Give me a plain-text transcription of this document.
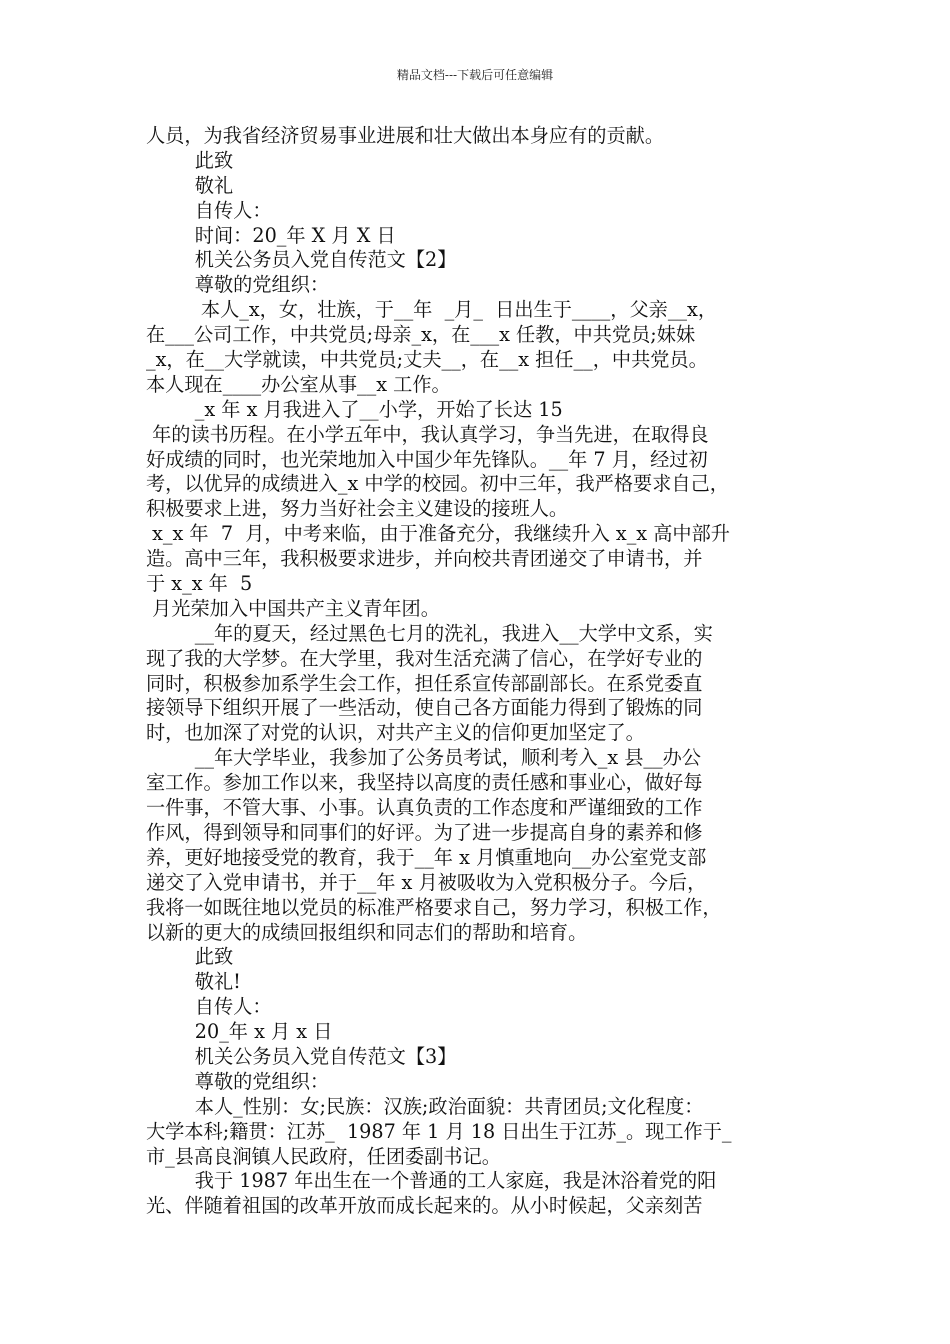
精品文档---下载后可任意编辑
人员，为我省经济贸易事业进展和壮大做出本身应有的贡献。
此致
敬礼
自传人：
时间：20_年 X 月 X 日
机关公务员入党自传范文【2】
尊敬的党组织：
本人_x，女，壮族，于__年  _月_  日出生于____，父亲__x，
在___公司工作，中共党员;母亲_x，在___x 任教，中共党员;妹妹
_x，在__大学就读，中共党员;丈夫__，在__x 担任__，中共党员。
本人现在____办公室从事__x 工作。
_x 年 x 月我进入了__小学，开始了长达 15
年的读书历程。在小学五年中，我认真学习，争当先进，在取得良
好成绩的同时，也光荣地加入中国少年先锋队。__年 7 月，经过初
考，以优异的成绩进入_x 中学的校园。初中三年，我严格要求自己，
积极要求上进，努力当好社会主义建设的接班人。
x_x 年  7  月，中考来临，由于准备充分，我继续升入 x_x 高中部升
造。高中三年，我积极要求进步，并向校共青团递交了申请书，并
于 x_x 年  5
月光荣加入中国共产主义青年团。
__年的夏天，经过黑色七月的洗礼，我进入__大学中文系，实
现了我的大学梦。在大学里，我对生活充满了信心，在学好专业的
同时，积极参加系学生会工作，担任系宣传部副部长。在系党委直
接领导下组织开展了一些活动，使自己各方面能力得到了锻炼的同
时，也加深了对党的认识，对共产主义的信仰更加坚定了。
__年大学毕业，我参加了公务员考试，顺利考入_x 县__办公
室工作。参加工作以来，我坚持以高度的责任感和事业心，做好每
一件事，不管大事、小事。认真负责的工作态度和严谨细致的工作
作风，得到领导和同事们的好评。为了进一步提高自身的素养和修
养，更好地接受党的教育，我于__年 x 月慎重地向__办公室党支部
递交了入党申请书，并于__年 x 月被吸收为入党积极分子。今后，
我将一如既往地以党员的标准严格要求自己，努力学习，积极工作，
以新的更大的成绩回报组织和同志们的帮助和培育。
此致
敬礼!
自传人：
20_年 x 月 x 日
机关公务员入党自传范文【3】
尊敬的党组织：
本人_性别：女;民族：汉族;政治面貌：共青团员;文化程度：
大学本科;籍贯：江苏_  1987 年 1 月 18 日出生于江苏_。现工作于_
市_县高良涧镇人民政府，任团委副书记。
我于 1987 年出生在一个普通的工人家庭，我是沐浴着党的阳
光、伴随着祖国的改革开放而成长起来的。从小时候起，父亲刻苦
